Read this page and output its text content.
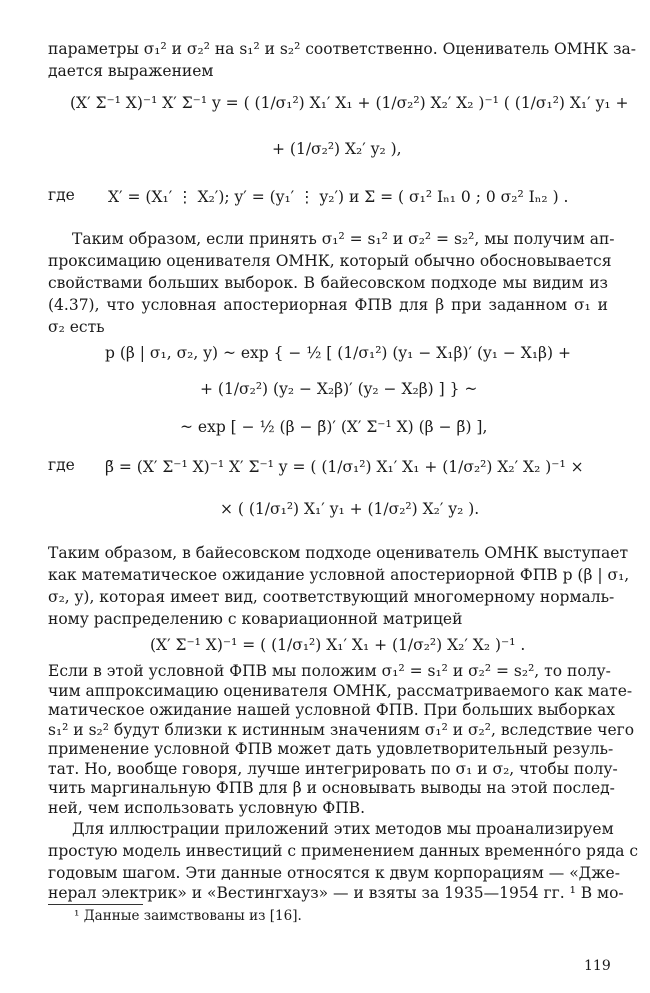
параметры σ₁² и σ₂² на s₁² и s₂² соответственно. Оцениватель ОМНК за-
дается выражением
(X′ Σ⁻¹ X)⁻¹ X′ Σ⁻¹ y = ( (1/σ₁²) X₁′ X₁ + (1/σ₂²) X₂′ X₂ )⁻¹ ( (1/σ₁²) X₁′ y₁ +
+ (1/σ₂²) X₂′ y₂ ),
где X′ = (X₁′ ⋮ X₂′); y′ = (y₁′ ⋮ y₂′) и Σ = ( σ₁² Iₙ₁ 0 ; 0 σ₂² Iₙ₂ ) .
Таким образом, если принять σ₁² = s₁² и σ₂² = s₂², мы получим ап-
проксимацию оценивателя ОМНК, который обычно обосновывается
свойствами больших выборок. В байесовском подходе мы видим из
(4.37), что условная апостериорная ФПВ для β при заданном σ₁ и
σ₂ есть
p (β | σ₁, σ₂, y) ~ exp { − ½ [ (1/σ₁²) (y₁ − X₁β)′ (y₁ − X₁β) +
+ (1/σ₂²) (y₂ − X₂β)′ (y₂ − X₂β) ] } ~
~ exp [ − ½ (β − β̃)′ (X′ Σ⁻¹ X) (β − β̃) ],
где β̃ = (X′ Σ⁻¹ X)⁻¹ X′ Σ⁻¹ y = ( (1/σ₁²) X₁′ X₁ + (1/σ₂²) X₂′ X₂ )⁻¹ ×
× ( (1/σ₁²) X₁′ y₁ + (1/σ₂²) X₂′ y₂ ).
Таким образом, в байесовском подходе оцениватель ОМНК выступает
как математическое ожидание условной апостериорной ФПВ p (β | σ₁,
σ₂, y), которая имеет вид, соответствующий многомерному нормаль-
ному распределению с ковариационной матрицей
(X′ Σ⁻¹ X)⁻¹ = ( (1/σ₁²) X₁′ X₁ + (1/σ₂²) X₂′ X₂ )⁻¹ .
Если в этой условной ФПВ мы положим σ₁² = s₁² и σ₂² = s₂², то полу-
чим аппроксимацию оценивателя ОМНК, рассматриваемого как мате-
матическое ожидание нашей условной ФПВ. При больших выборках
s₁² и s₂² будут близки к истинным значениям σ₁² и σ₂², вследствие чего
применение условной ФПВ может дать удовлетворительный резуль-
тат. Но, вообще говоря, лучше интегрировать по σ₁ и σ₂, чтобы полу-
чить маргинальную ФПВ для β и основывать выводы на этой послед-
ней, чем использовать условную ФПВ.
Для иллюстрации приложений этих методов мы проанализируем
простую модель инвестиций с применением данных временнóго ряда с
¹ Данные заимствованы из [16].
119
годовым шагом. Эти данные относятся к двум корпорациям — «Дже-
нерал электрик» и «Вестингхауз» — и взяты за 1935—1954 гг. ¹ В мо-
